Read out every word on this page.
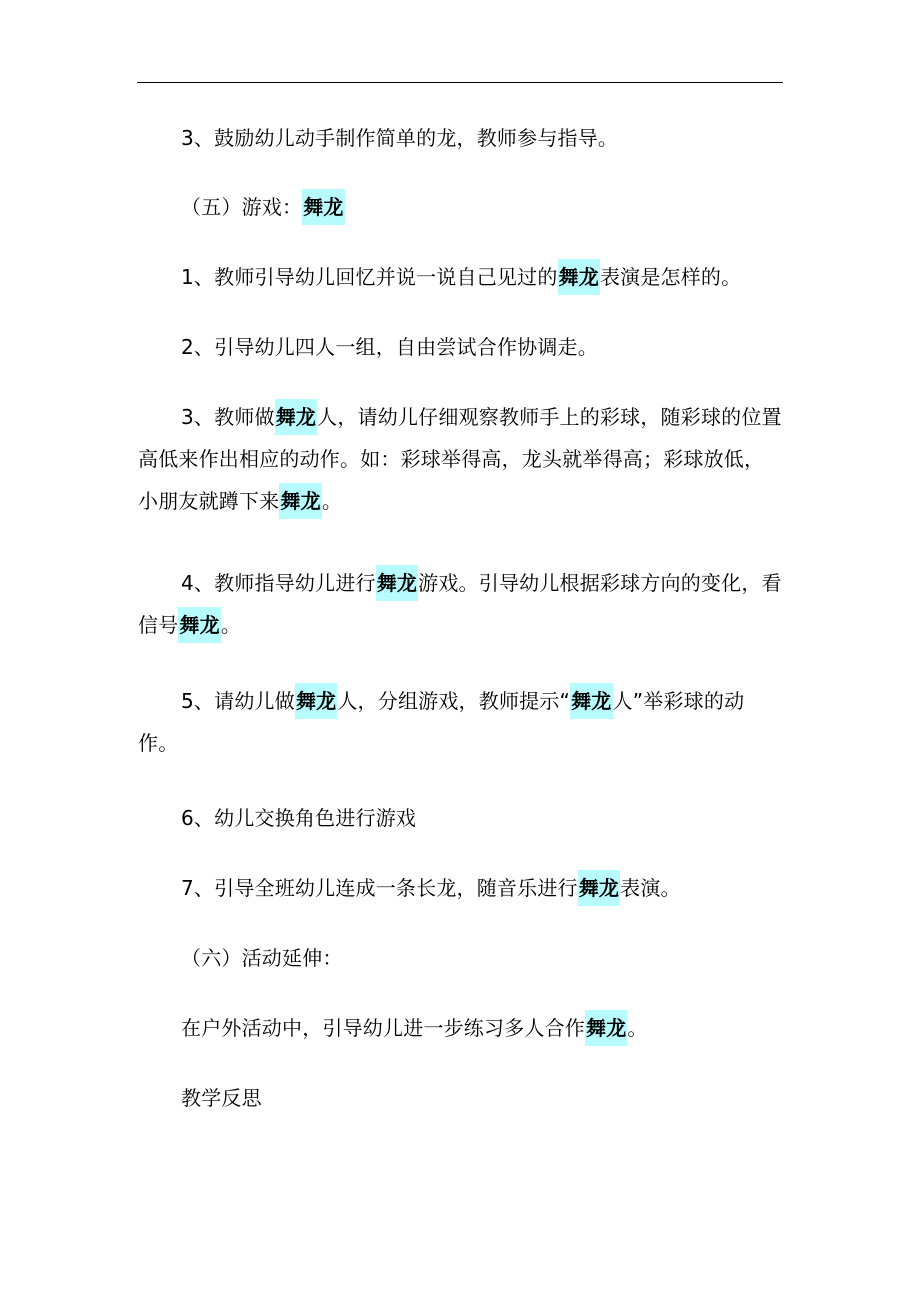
3、鼓励幼儿动手制作简单的龙，教师参与指导。

（五）游戏：舞龙

1、教师引导幼儿回忆并说一说自己见过的舞龙表演是怎样的。

2、引导幼儿四人一组，自由尝试合作协调走。

3、教师做舞龙人，请幼儿仔细观察教师手上的彩球，随彩球的位置高低来作出相应的动作。如：彩球举得高，龙头就举得高；彩球放低，小朋友就蹲下来舞龙。

4、教师指导幼儿进行舞龙游戏。引导幼儿根据彩球方向的变化，看信号舞龙。

5、请幼儿做舞龙人，分组游戏，教师提示“舞龙人”举彩球的动作。

6、幼儿交换角色进行游戏

7、引导全班幼儿连成一条长龙，随音乐进行舞龙表演。

（六）活动延伸：

在户外活动中，引导幼儿进一步练习多人合作舞龙。

教学反思
